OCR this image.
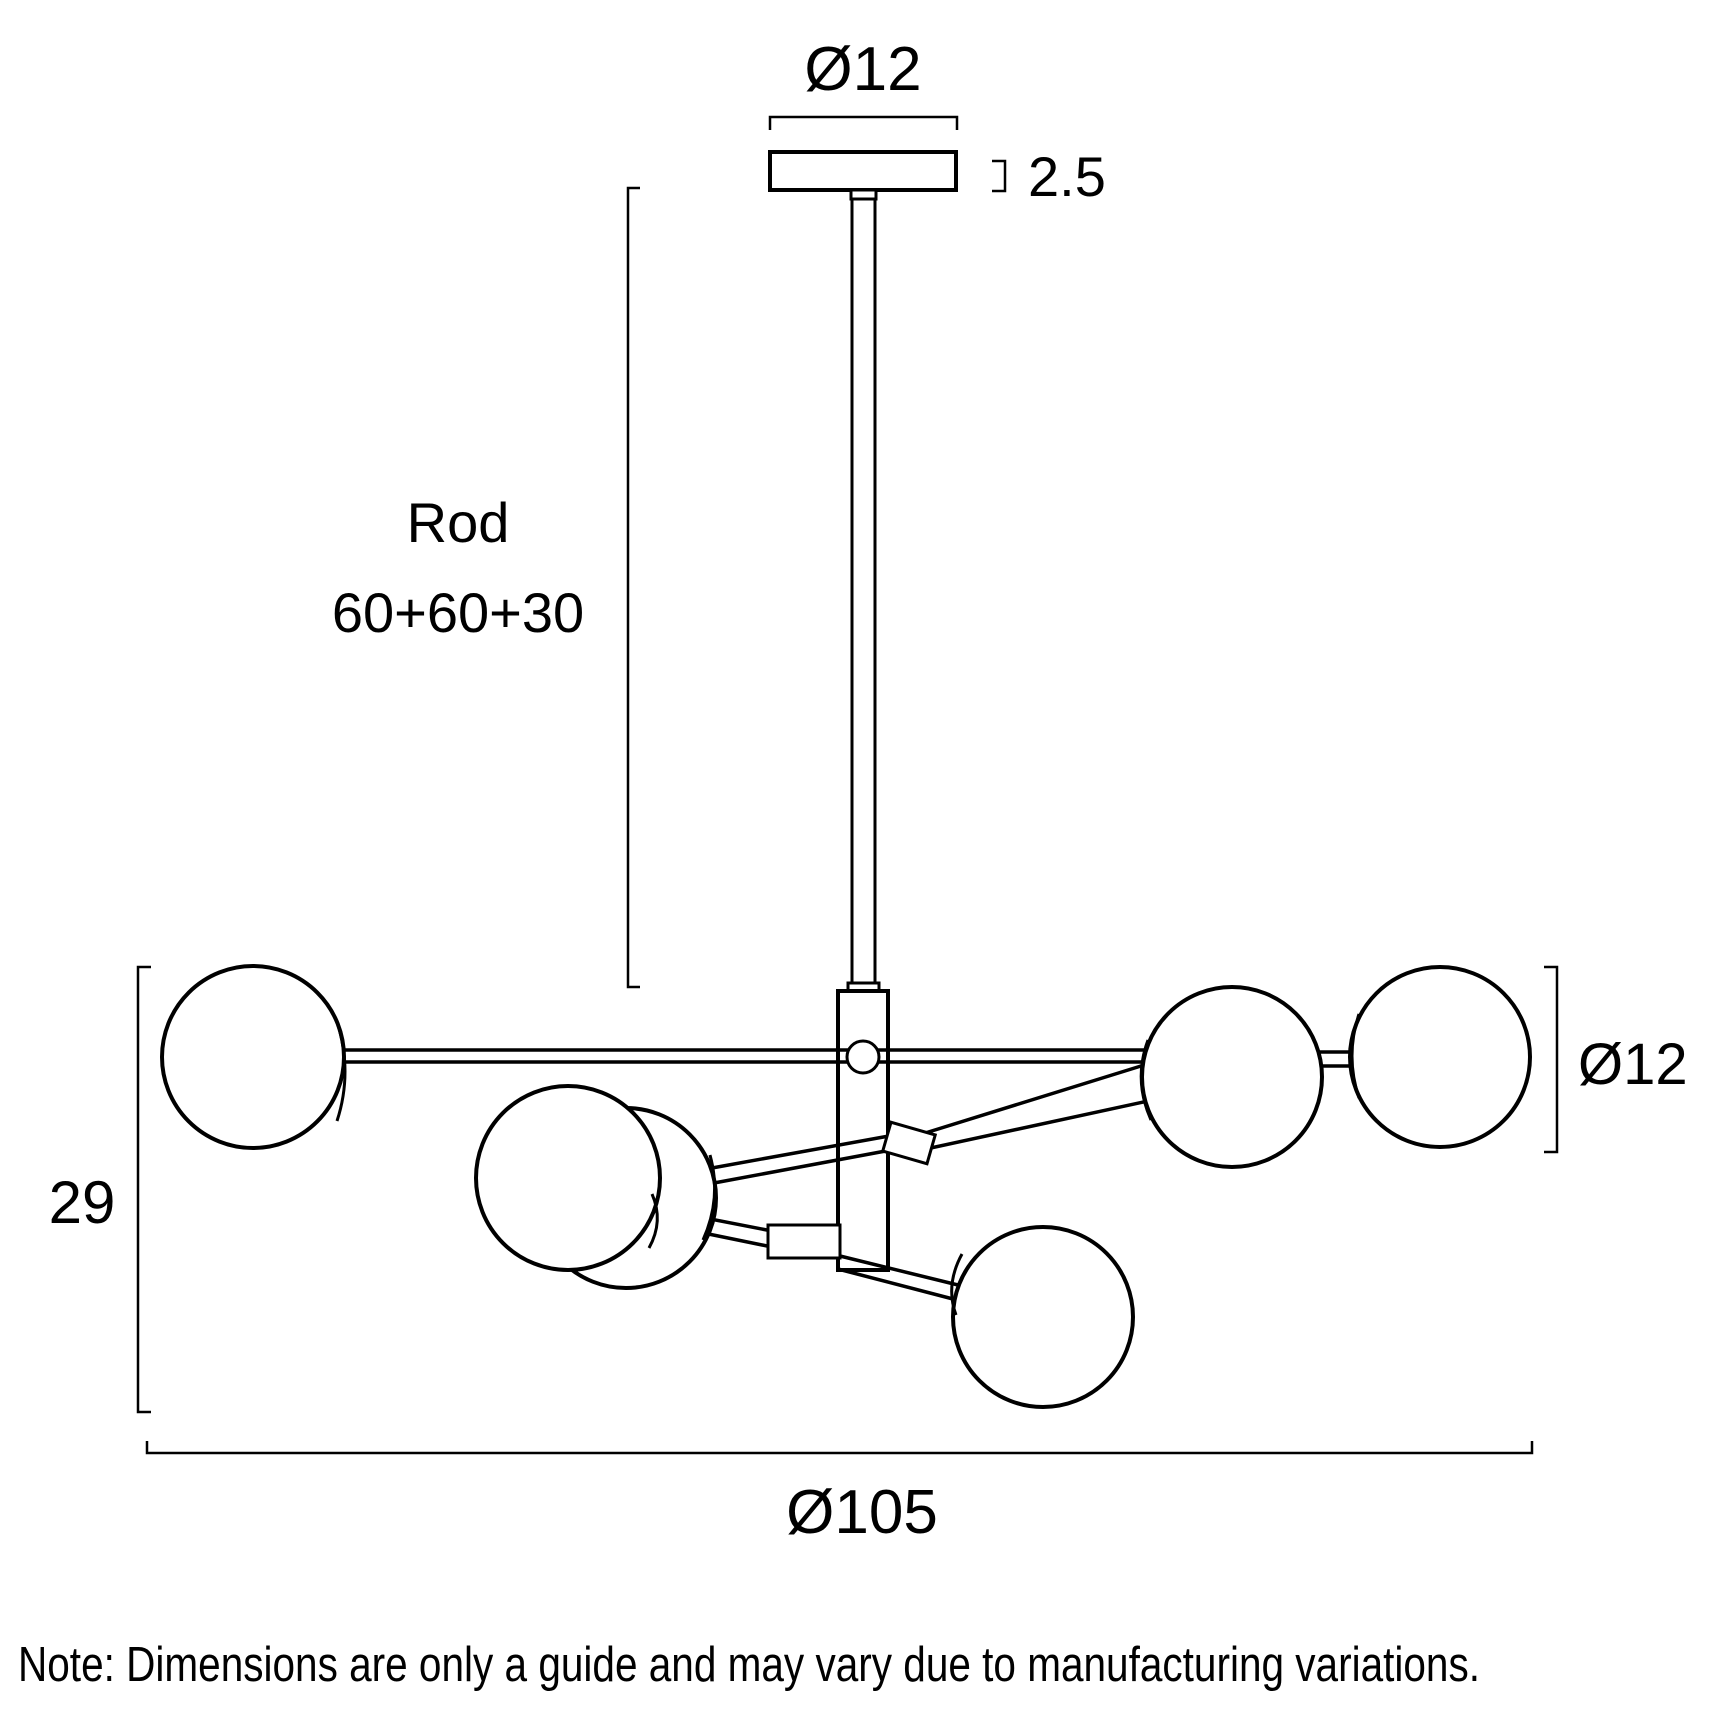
Ø12
2.5
Rod
60+60+30
Ø12
29
Ø105
Note: Dimensions are only a guide and may vary due to manufacturing variations.
